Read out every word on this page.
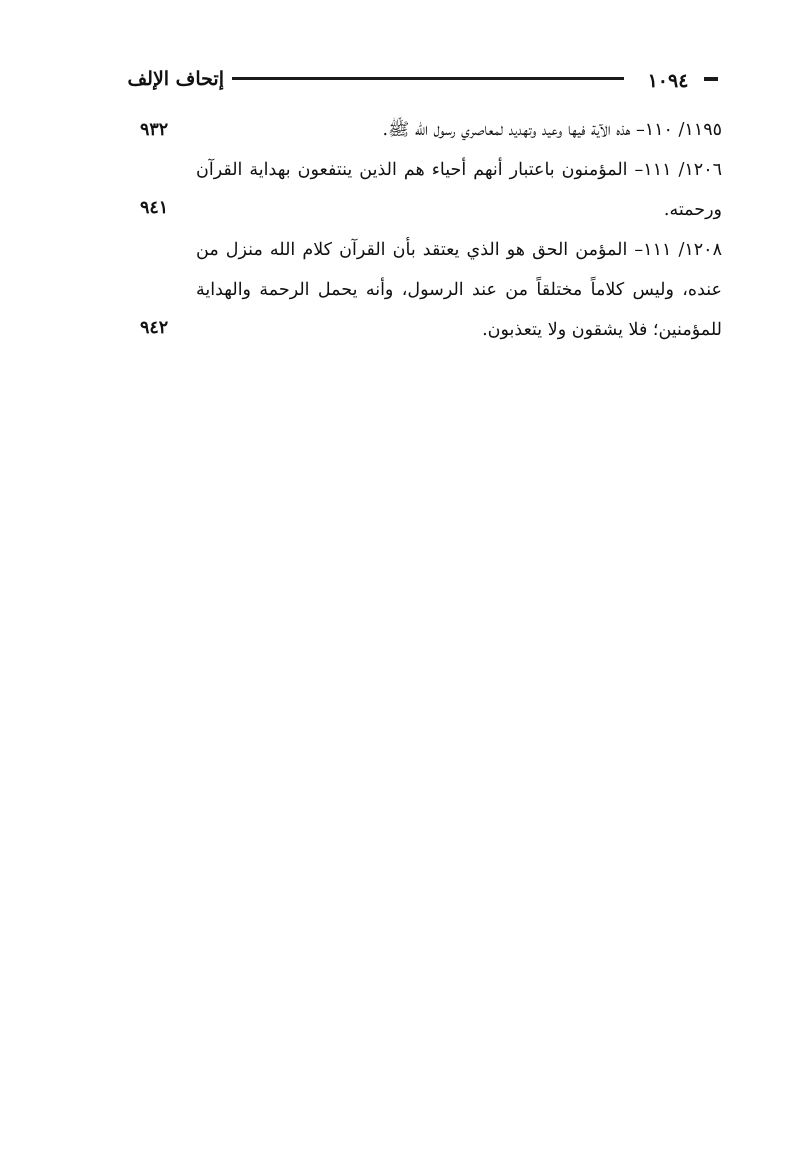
إتحاف الإلف	١٠٩٤
١١٩٥/ ١١٠– هذه الآية فيها وعيد وتهديد لمعاصري رسول الله ﷺ.
٩٣٢
١٢٠٦/ ١١١– المؤمنون باعتبار أنهم أحياء هم الذين ينتفعون بهداية القرآن ورحمته.
٩٤١
١٢٠٨/ ١١١– المؤمن الحق هو الذي يعتقد بأن القرآن كلام الله منزل من عنده، وليس كلاماً مختلقاً من عند الرسول، وأنه يحمل الرحمة والهداية للمؤمنين؛ فلا يشقون ولا يتعذبون.
٩٤٢
